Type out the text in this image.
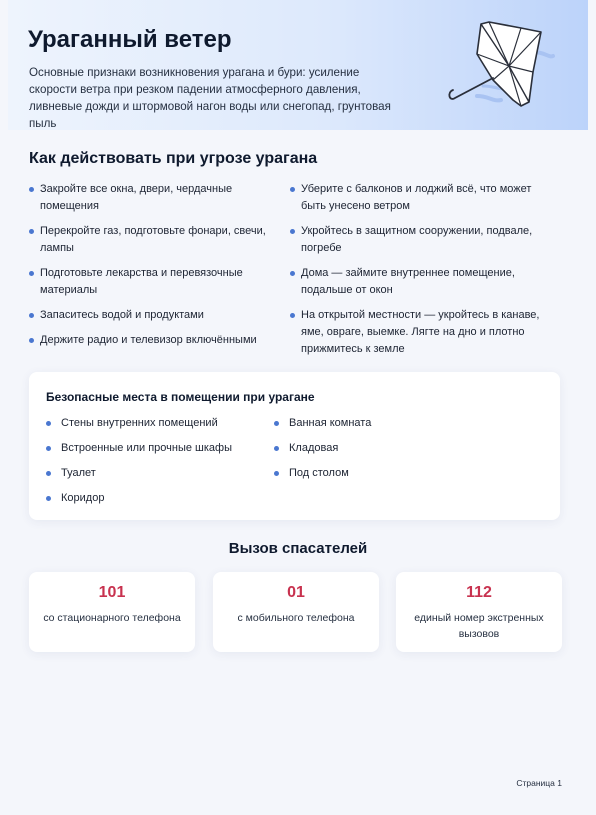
Ураганный ветер
Основные признаки возникновения урагана и бури: усиление скорости ветра при резком падении атмосферного давления, ливневые дожди и штормовой нагон воды или снегопад, грунтовая пыль
Как действовать при угрозе урагана
Закройте все окна, двери, чердачные помещения
Перекройте газ, подготовьте фонари, свечи, лампы
Подготовьте лекарства и перевязочные материалы
Запаситесь водой и продуктами
Держите радио и телевизор включёнными
Уберите с балконов и лоджий всё, что может быть унесено ветром
Укройтесь в защитном сооружении, подвале, погребе
Дома — займите внутреннее помещение, подальше от окон
На открытой местности — укройтесь в канаве, яме, овраге, выемке. Лягте на дно и плотно прижмитесь к земле
Безопасные места в помещении при урагане
Стены внутренних помещений
Встроенные или прочные шкафы
Туалет
Коридор
Ванная комната
Кладовая
Под столом
Вызов спасателей
101
со стационарного телефона
01
с мобильного телефона
112
единый номер экстренных вызовов
Страница 1
